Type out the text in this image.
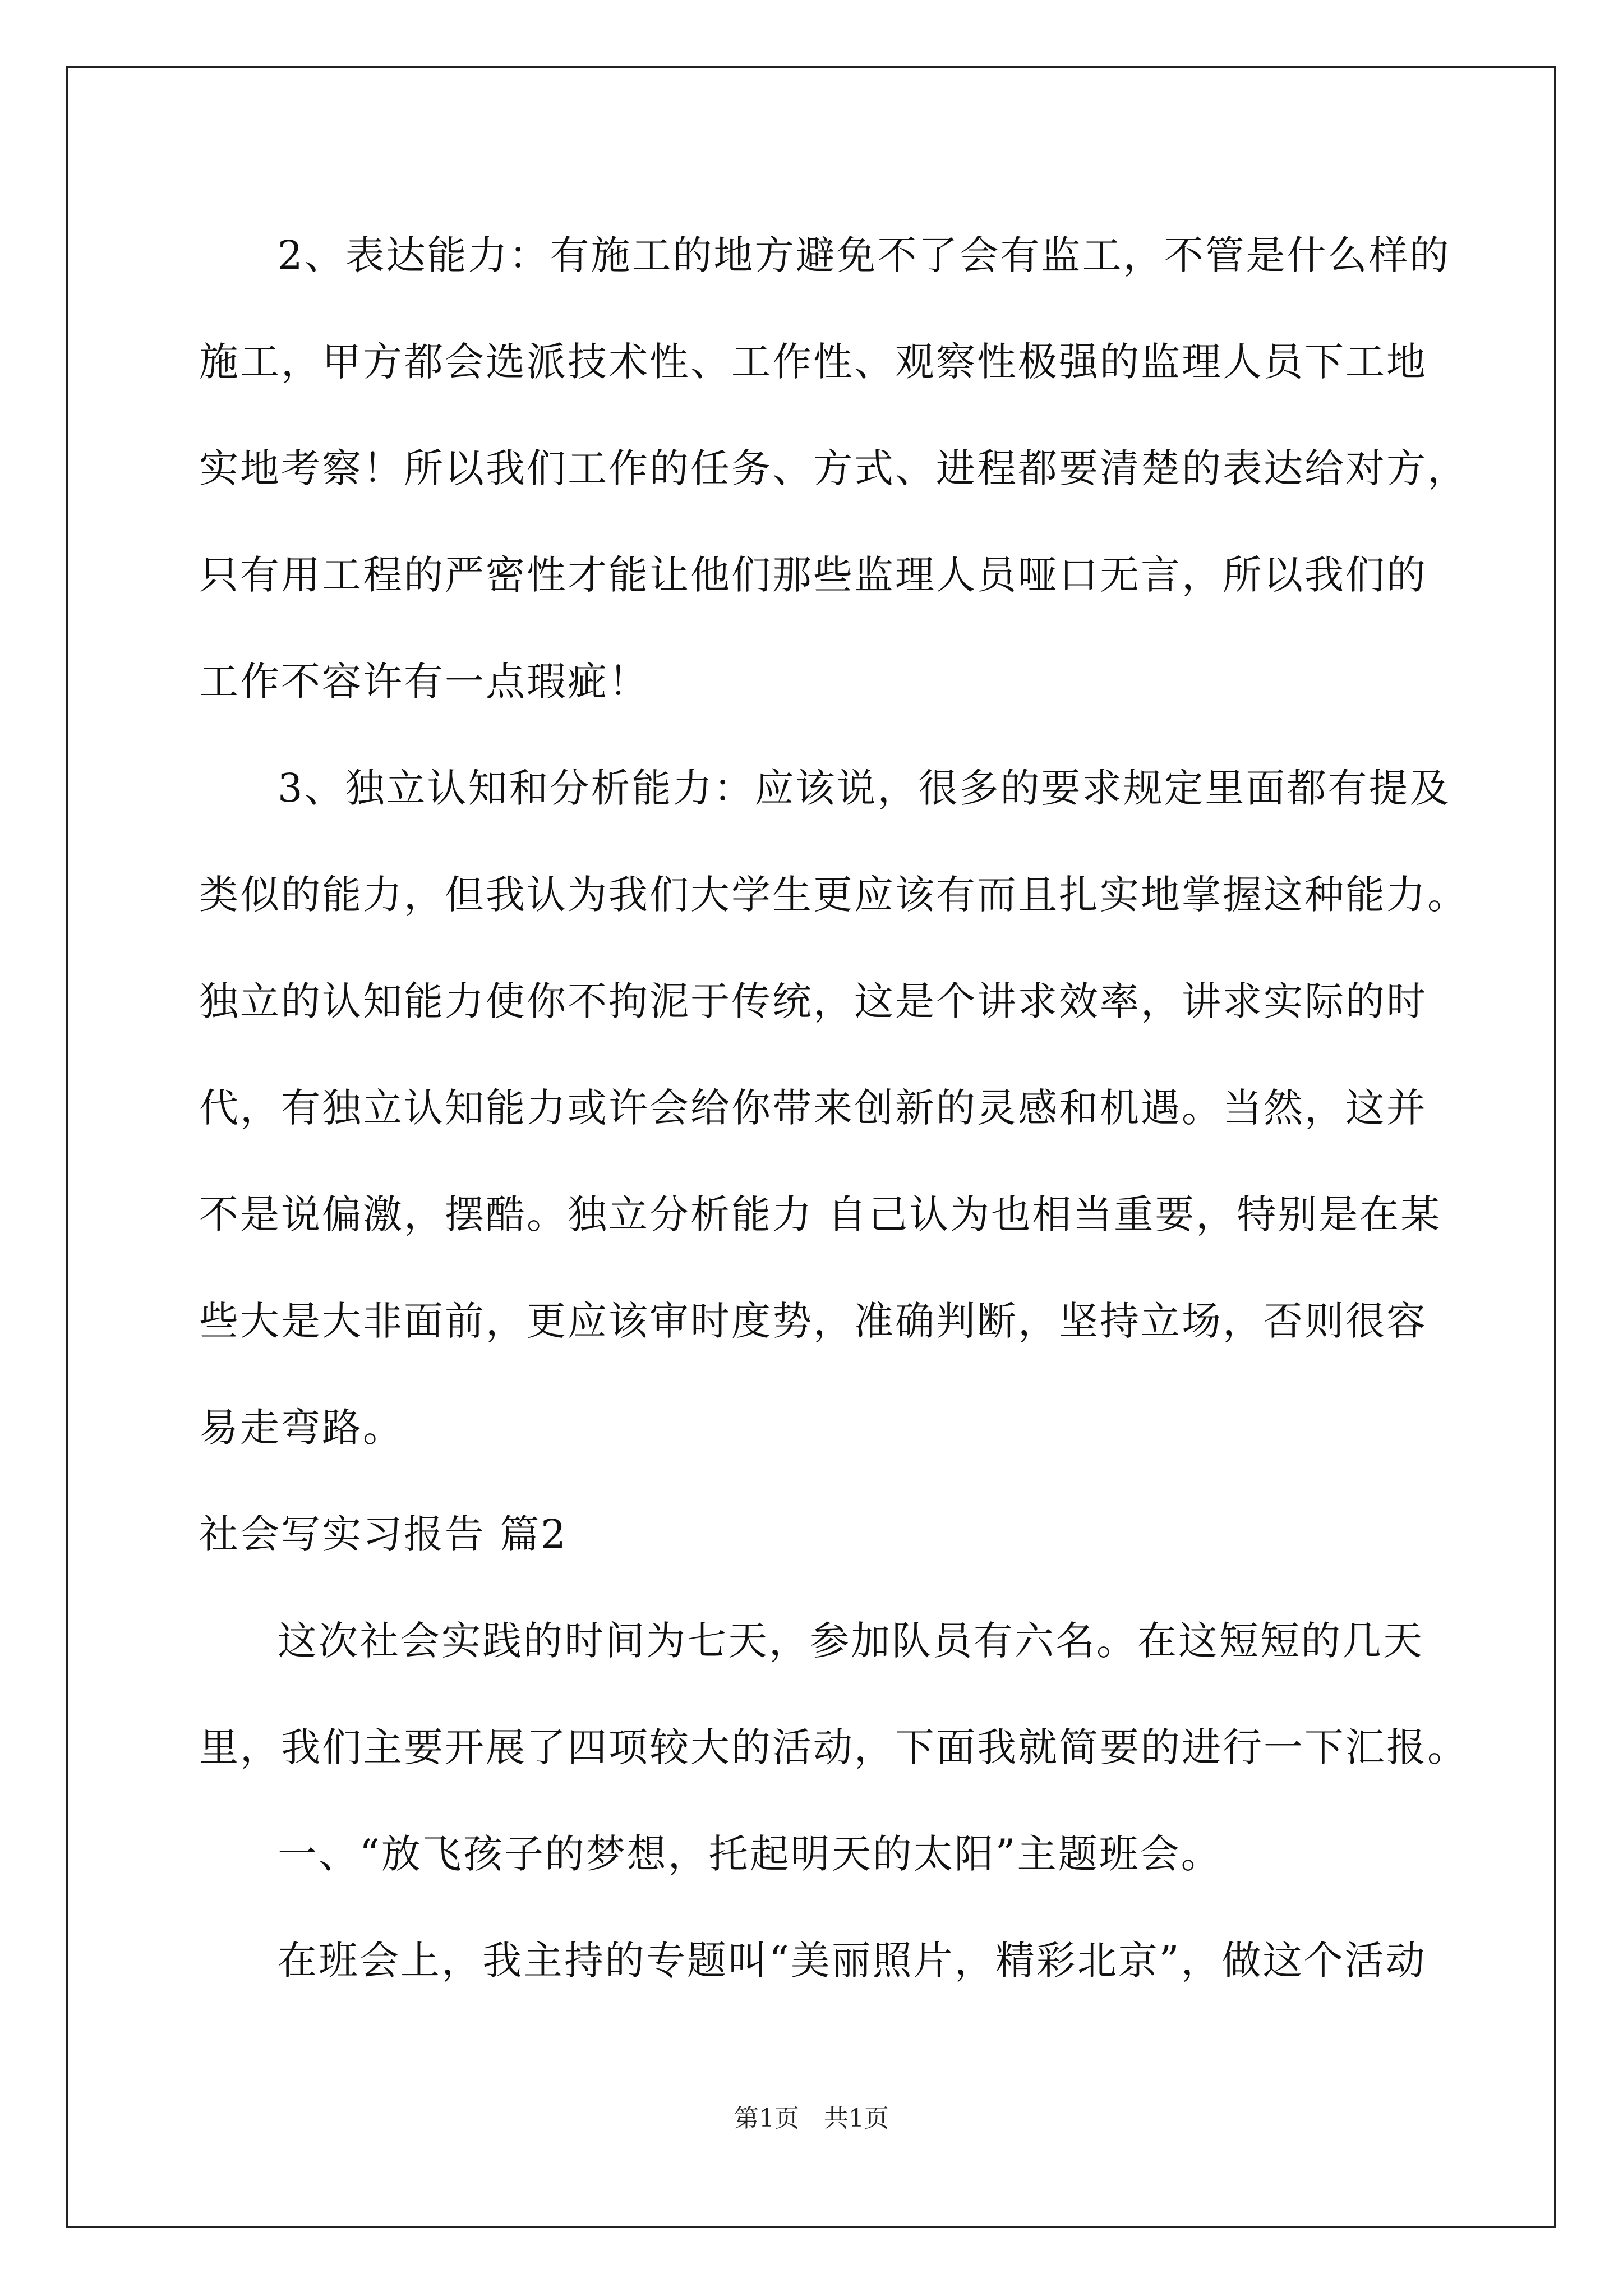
2、表达能力：有施工的地方避免不了会有监工，不管是什么样的
施工，甲方都会选派技术性、工作性、观察性极强的监理人员下工地
实地考察！所以我们工作的任务、方式、进程都要清楚的表达给对方，
只有用工程的严密性才能让他们那些监理人员哑口无言，所以我们的
工作不容许有一点瑕疵！
3、独立认知和分析能力：应该说，很多的要求规定里面都有提及
类似的能力，但我认为我们大学生更应该有而且扎实地掌握这种能力。
独立的认知能力使你不拘泥于传统，这是个讲求效率，讲求实际的时
代，有独立认知能力或许会给你带来创新的灵感和机遇。当然，这并
不是说偏激，摆酷。独立分析能力 自己认为也相当重要，特别是在某
些大是大非面前，更应该审时度势，准确判断，坚持立场，否则很容
易走弯路。
社会写实习报告 篇2
这次社会实践的时间为七天，参加队员有六名。在这短短的几天
里，我们主要开展了四项较大的活动，下面我就简要的进行一下汇报。
一、“放飞孩子的梦想，托起明天的太阳”主题班会。
在班会上，我主持的专题叫“美丽照片，精彩北京”，做这个活动
第1页　共1页
